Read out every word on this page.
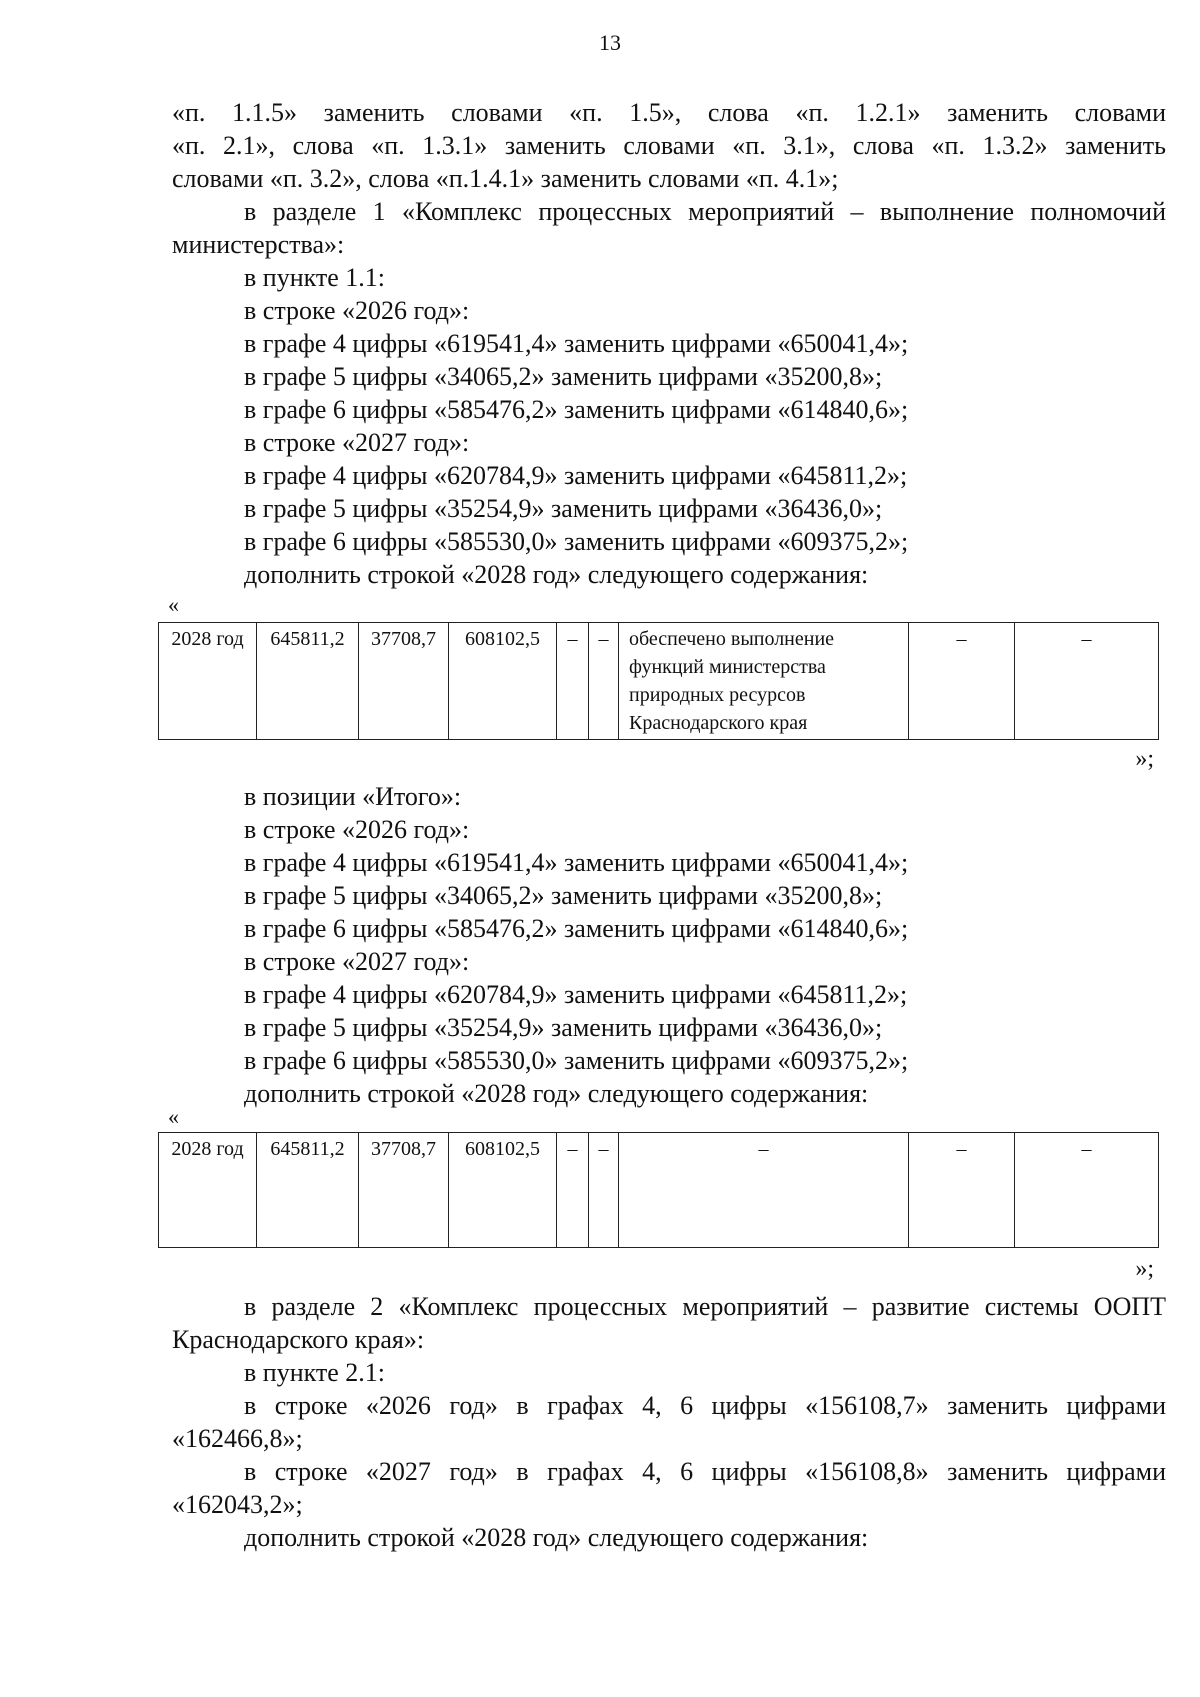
13

«п. 1.1.5» заменить словами «п. 1.5», слова «п. 1.2.1» заменить словами

«п. 2.1», слова «п. 1.3.1» заменить словами «п. 3.1», слова «п. 1.3.2» заменить

словами «п. 3.2», слова «п.1.4.1» заменить словами «п. 4.1»;

в разделе 1 «Комплекс процессных мероприятий – выполнение полномочий министерства»:

в пункте 1.1:

в строке «2026 год»:

в графе 4 цифры «619541,4» заменить цифрами «650041,4»;

в графе 5 цифры «34065,2» заменить цифрами «35200,8»;

в графе 6 цифры «585476,2» заменить цифрами «614840,6»;

в строке «2027 год»:

в графе 4 цифры «620784,9» заменить цифрами «645811,2»;

в графе 5 цифры «35254,9» заменить цифрами «36436,0»;

в графе 6 цифры «585530,0» заменить цифрами «609375,2»;

дополнить строкой «2028 год» следующего содержания:

«
2028 год	645811,2	37708,7	608102,5	–	–	обеспечено выполнение функций министерства природных ресурсов Краснодарского края	–	–
»;

в позиции «Итого»:

в строке «2026 год»:

в графе 4 цифры «619541,4» заменить цифрами «650041,4»;

в графе 5 цифры «34065,2» заменить цифрами «35200,8»;

в графе 6 цифры «585476,2» заменить цифрами «614840,6»;

в строке «2027 год»:

в графе 4 цифры «620784,9» заменить цифрами «645811,2»;

в графе 5 цифры «35254,9» заменить цифрами «36436,0»;

в графе 6 цифры «585530,0» заменить цифрами «609375,2»;

дополнить строкой «2028 год» следующего содержания:

«
2028 год	645811,2	37708,7	608102,5	–	–	–	–	–
»;

в разделе 2 «Комплекс процессных мероприятий – развитие системы ООПТ Краснодарского края»:

в пункте 2.1:

в строке «2026 год» в графах 4, 6 цифры «156108,7» заменить цифрами «162466,8»;

в строке «2027 год» в графах 4, 6 цифры «156108,8» заменить цифрами «162043,2»;

дополнить строкой «2028 год» следующего содержания:
